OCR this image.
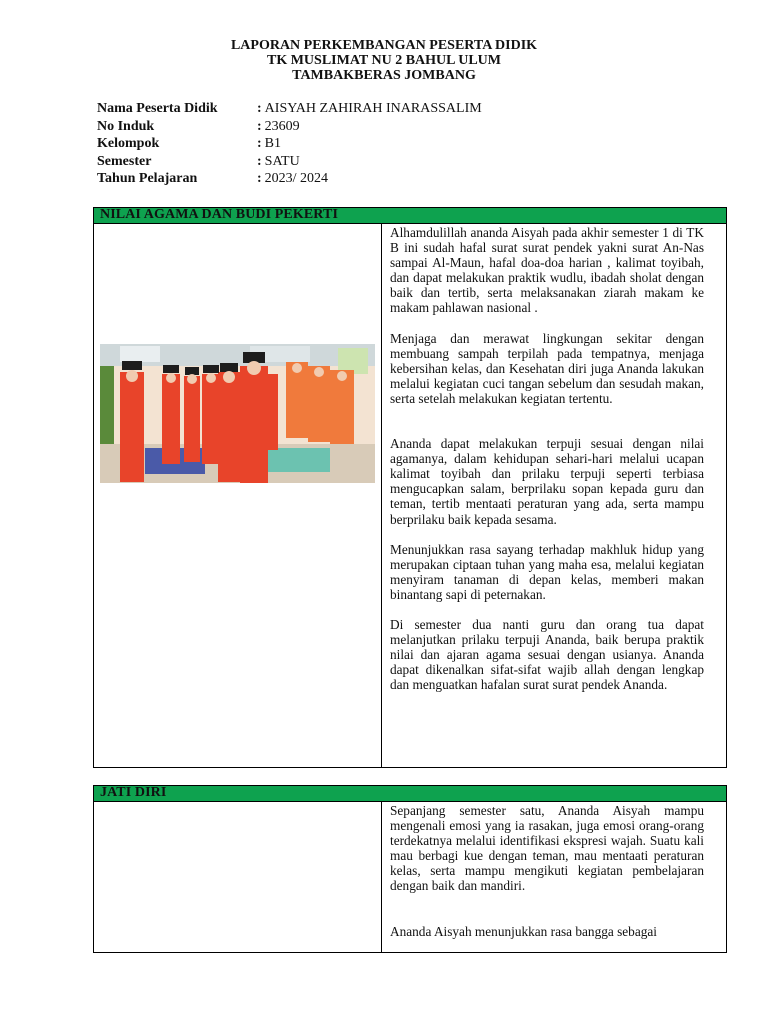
LAPORAN PERKEMBANGAN PESERTA DIDIK
TK MUSLIMAT NU 2 BAHUL ULUM
TAMBAKBERAS JOMBANG
Nama Peserta Didik	: AISYAH ZAHIRAH INARASSALIM
No Induk	: 23609
Kelompok	: B1
Semester	: SATU
Tahun Pelajaran	: 2023/ 2024
NILAI AGAMA DAN BUDI PEKERTI

Alhamdulillah ananda Aisyah pada akhir semester 1 di TK B ini sudah hafal surat surat pendek yakni surat An-Nas sampai Al-Maun, hafal doa-doa harian , kalimat toyibah, dan dapat melakukan praktik wudlu, ibadah sholat dengan baik dan tertib, serta melaksanakan ziarah makam ke makam pahlawan nasional .

Menjaga dan merawat lingkungan sekitar dengan membuang sampah terpilah pada tempatnya, menjaga kebersihan kelas, dan Kesehatan diri juga Ananda lakukan melalui kegiatan cuci tangan sebelum dan sesudah makan, serta setelah melakukan kegiatan tertentu.

Ananda dapat melakukan terpuji sesuai dengan nilai agamanya, dalam kehidupan sehari-hari melalui ucapan kalimat toyibah dan prilaku terpuji seperti terbiasa mengucapkan salam, berprilaku sopan kepada guru dan teman, tertib mentaati peraturan yang ada, serta mampu berprilaku baik kepada sesama.

Menunjukkan rasa sayang terhadap makhluk hidup yang merupakan ciptaan tuhan yang maha esa, melalui kegiatan menyiram tanaman di depan kelas, memberi makan binantang sapi di peternakan.

Di semester dua nanti guru dan orang tua dapat melanjutkan prilaku terpuji Ananda, baik berupa praktik nilai dan ajaran agama sesuai dengan usianya. Ananda dapat dikenalkan sifat-sifat wajib allah dengan lengkap dan menguatkan hafalan surat surat pendek Ananda.

JATI DIRI

Sepanjang semester satu, Ananda Aisyah mampu mengenali emosi yang ia rasakan, juga emosi orang-orang terdekatnya melalui identifikasi ekspresi wajah. Suatu kali mau berbagi kue dengan teman, mau mentaati peraturan kelas, serta mampu mengikuti kegiatan pembelajaran dengan baik dan mandiri.

Ananda Aisyah menunjukkan rasa bangga sebagai
